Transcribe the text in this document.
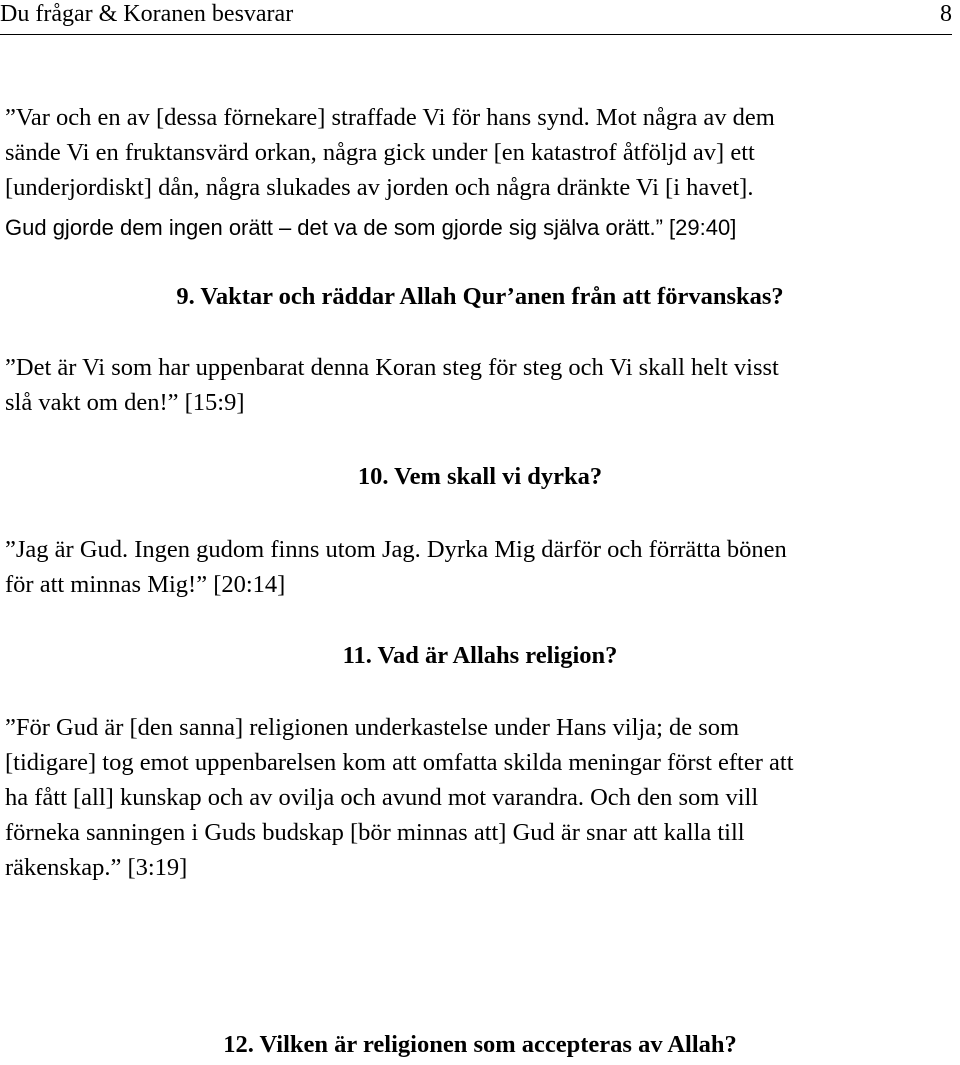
Du frågar & Koranen besvarar	8

”Var och en av [dessa förnekare] straffade Vi för hans synd. Mot några av dem
sände Vi en fruktansvärd orkan, några gick under [en katastrof åtföljd av] ett
[underjordiskt] dån, några slukades av jorden och några dränkte Vi [i havet].

Gud gjorde dem ingen orätt – det va de som gjorde sig själva orätt.” [29:40]

9. Vaktar och räddar Allah Qur’anen från att förvanskas?

”Det är Vi som har uppenbarat denna Koran steg för steg och Vi skall helt visst
slå vakt om den!” [15:9]

10. Vem skall vi dyrka?

”Jag är Gud. Ingen gudom finns utom Jag. Dyrka Mig därför och förrätta bönen
för att minnas Mig!” [20:14]

11. Vad är Allahs religion?

”För Gud är [den sanna] religionen underkastelse under Hans vilja; de som
[tidigare] tog emot uppenbarelsen kom att omfatta skilda meningar först efter att
ha fått [all] kunskap och av ovilja och avund mot varandra. Och den som vill
förneka sanningen i Guds budskap [bör minnas att] Gud är snar att kalla till
räkenskap.” [3:19]

12. Vilken är religionen som accepteras av Allah?
